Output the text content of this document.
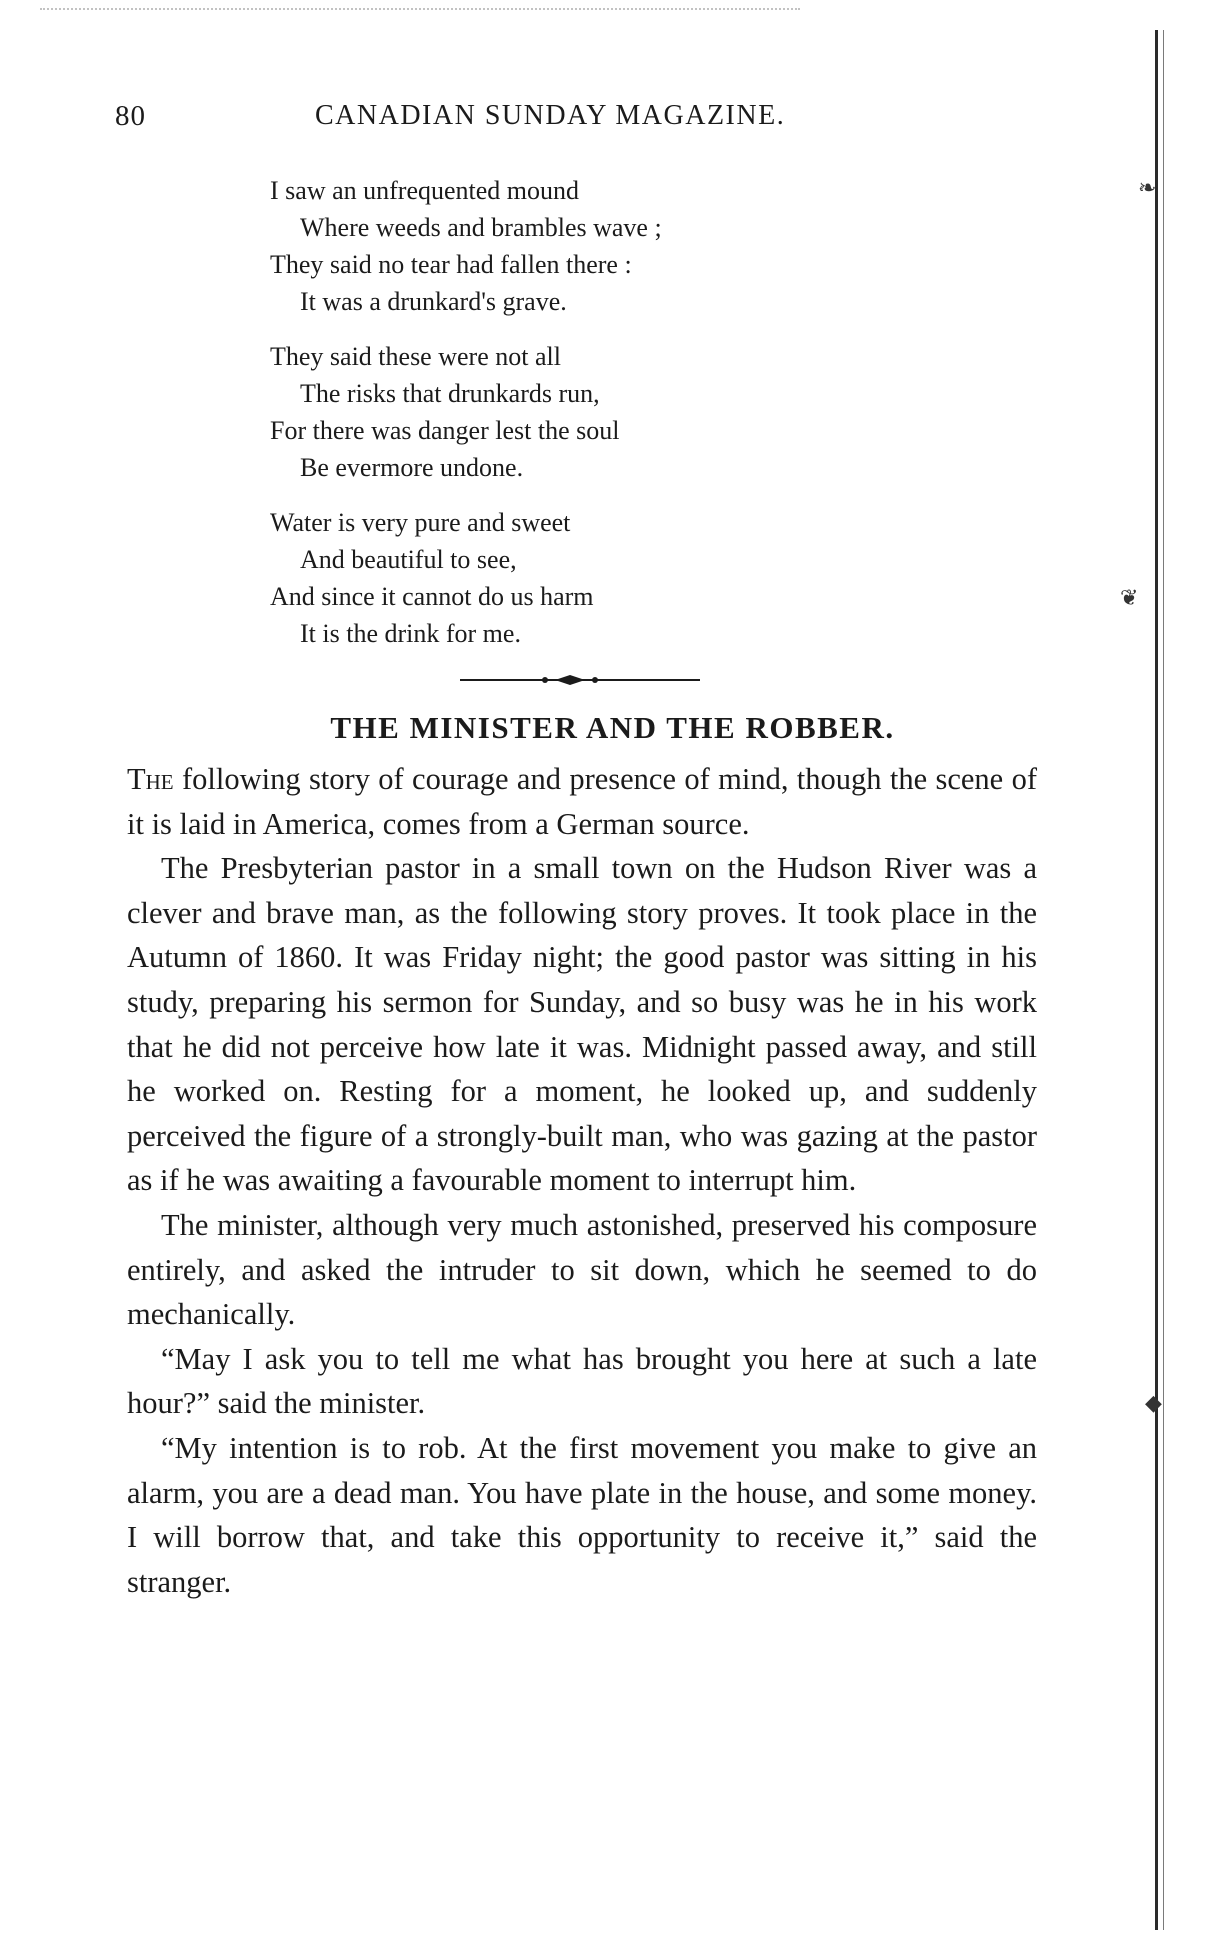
80	CANADIAN SUNDAY MAGAZINE.
I saw an unfrequented mound
Where weeds and brambles wave ;
They said no tear had fallen there :
It was a drunkard's grave.
They said these were not all
The risks that drunkards run,
For there was danger lest the soul
Be evermore undone.
Water is very pure and sweet
And beautiful to see,
And since it cannot do us harm
It is the drink for me.
THE MINISTER AND THE ROBBER.

The following story of courage and presence of mind, though the scene of it is laid in America, comes from a German source.

The Presbyterian pastor in a small town on the Hudson River was a clever and brave man, as the following story proves. It took place in the Autumn of 1860. It was Friday night; the good pastor was sitting in his study, preparing his sermon for Sunday, and so busy was he in his work that he did not perceive how late it was. Midnight passed away, and still he worked on. Resting for a moment, he looked up, and suddenly perceived the figure of a strongly-built man, who was gazing at the pastor as if he was awaiting a favourable moment to interrupt him.

The minister, although very much astonished, preserved his composure entirely, and asked the intruder to sit down, which he seemed to do mechanically.

“May I ask you to tell me what has brought you here at such a late hour?” said the minister.

“My intention is to rob. At the first movement you make to give an alarm, you are a dead man. You have plate in the house, and some money. I will borrow that, and take this opportunity to receive it,” said the stranger.

❧
❦
◆
